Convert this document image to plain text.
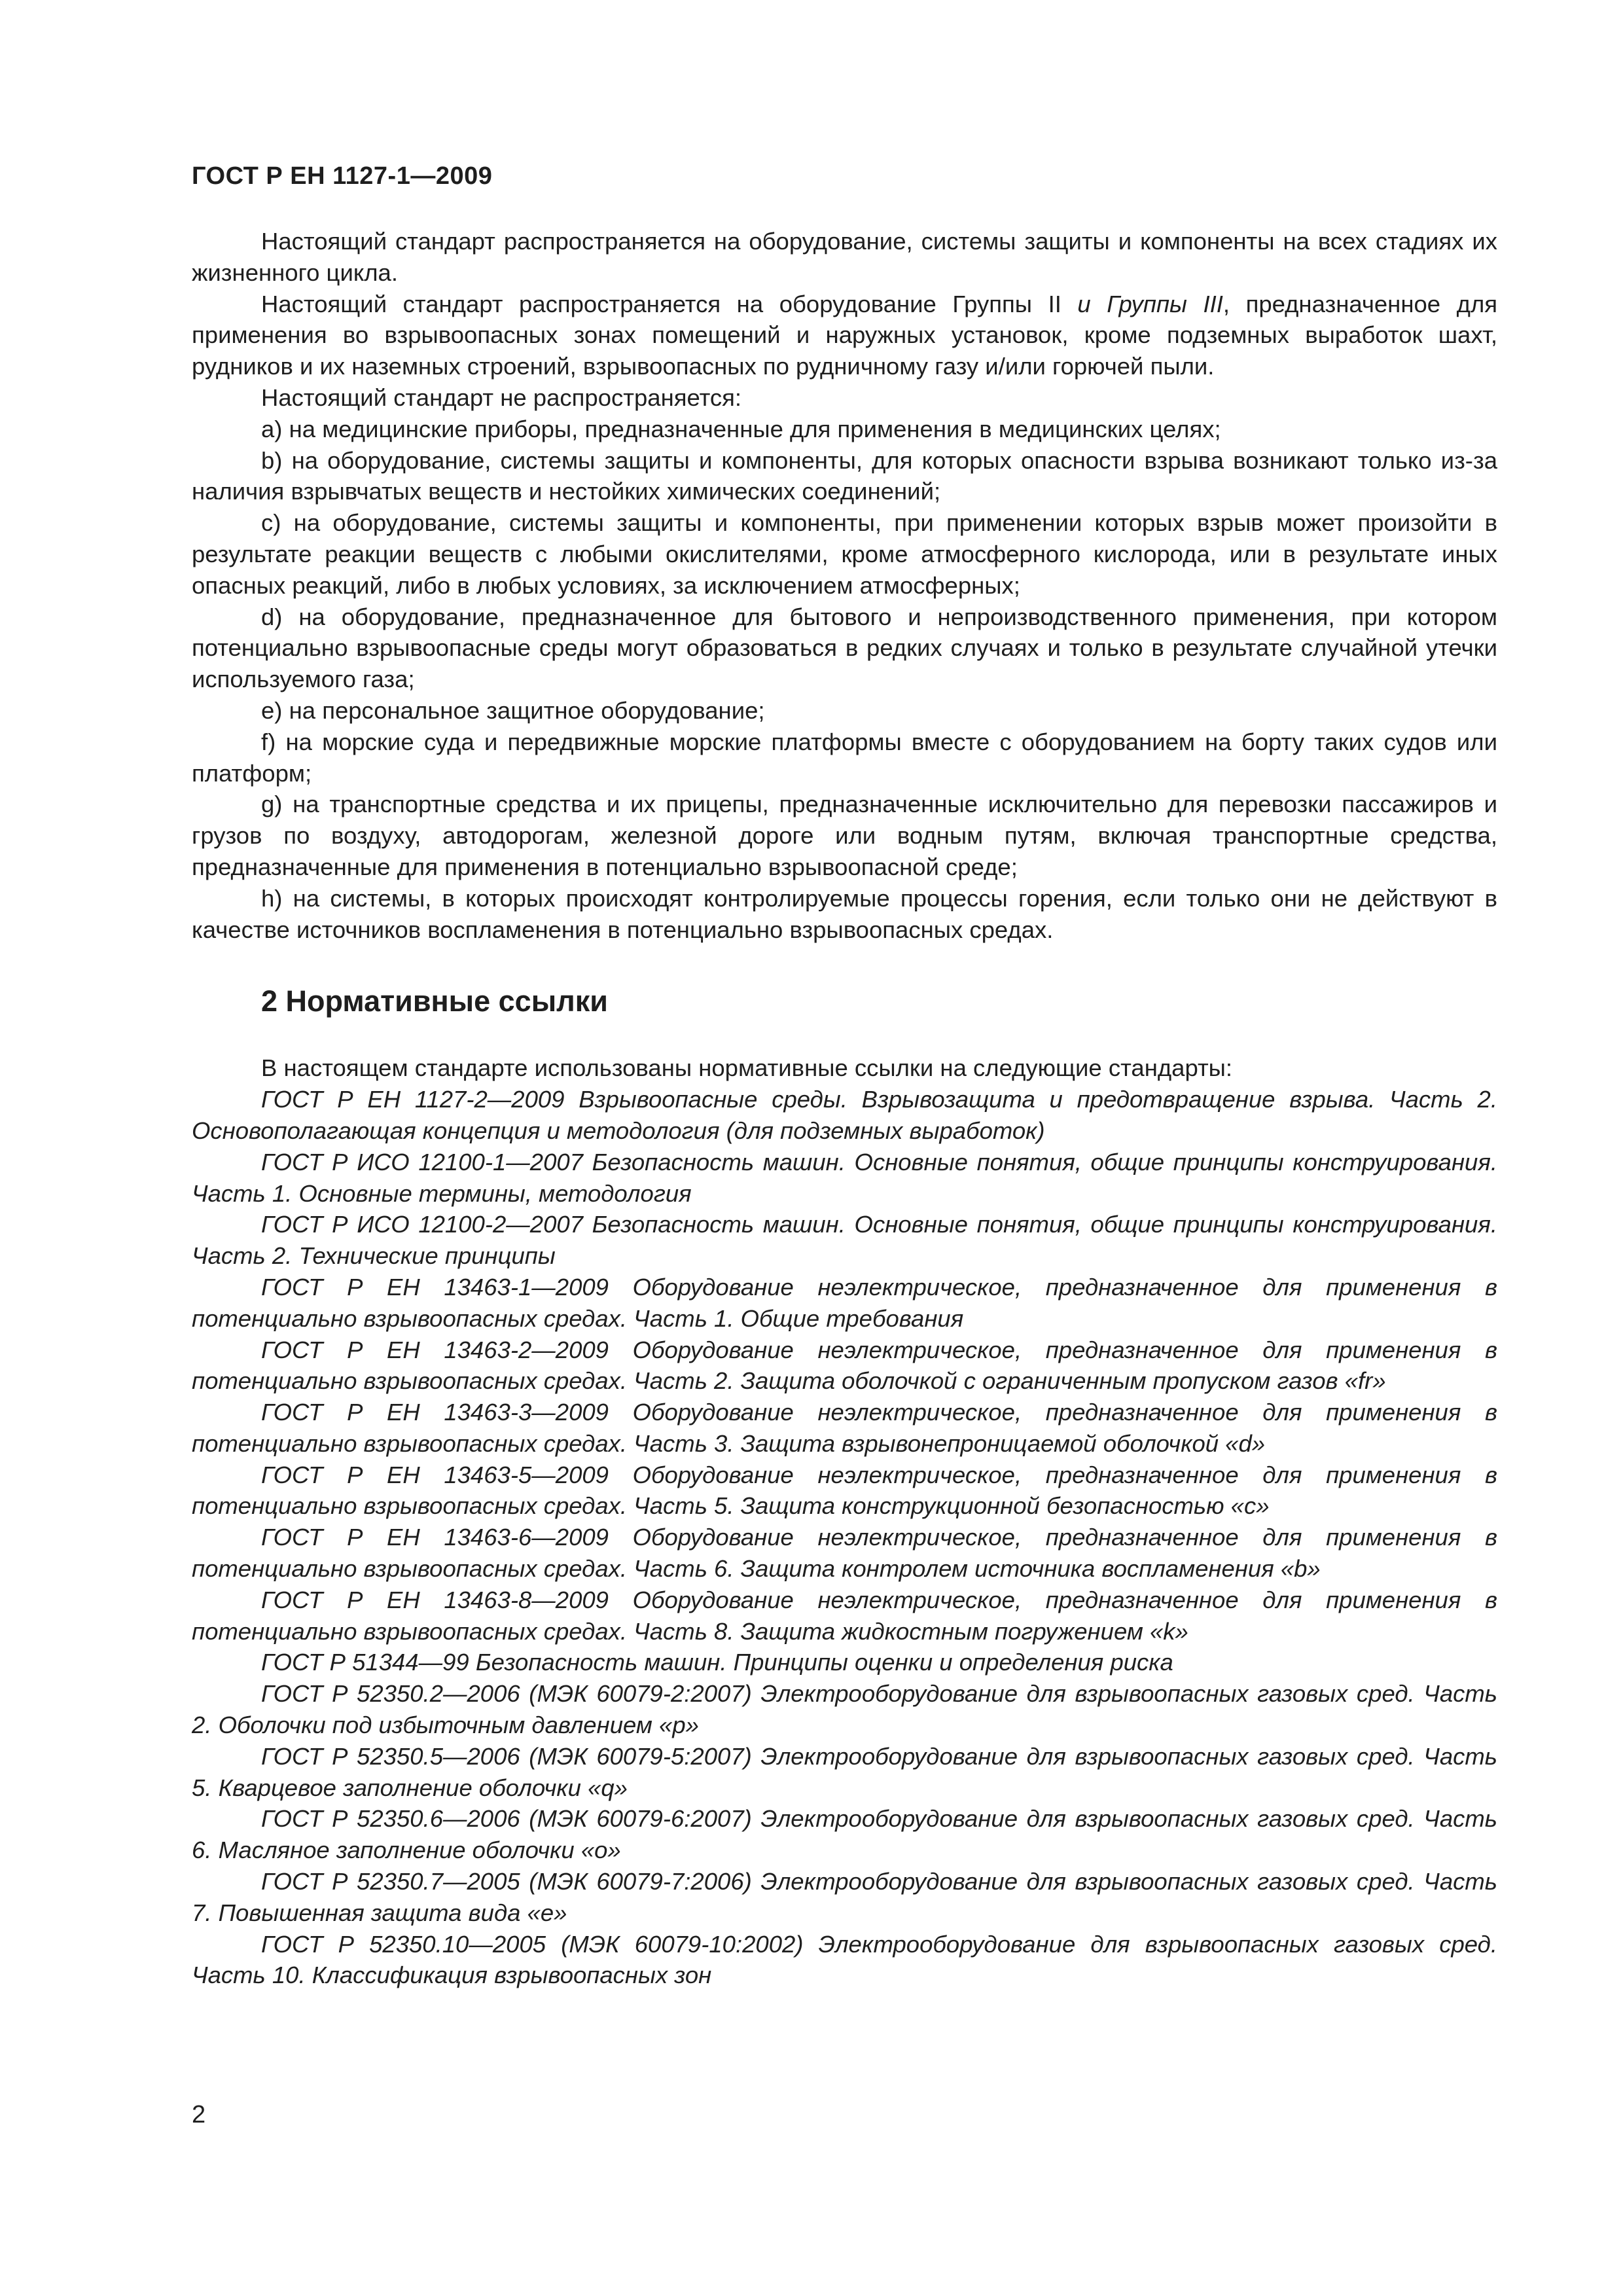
ГОСТ Р ЕН 1127-1—2009

Настоящий стандарт распространяется на оборудование, системы защиты и компоненты на всех стадиях их жизненного цикла.

Настоящий стандарт распространяется на оборудование Группы II и Группы III, предназначенное для применения во взрывоопасных зонах помещений и наружных установок, кроме подземных выработок шахт, рудников и их наземных строений, взрывоопасных по рудничному газу и/или горючей пыли.

Настоящий стандарт не распространяется:

a) на медицинские приборы, предназначенные для применения в медицинских целях;

b) на оборудование, системы защиты и компоненты, для которых опасности взрыва возникают только из-за наличия взрывчатых веществ и нестойких химических соединений;

c) на оборудование, системы защиты и компоненты, при применении которых взрыв может произойти в результате реакции веществ с любыми окислителями, кроме атмосферного кислорода, или в результате иных опасных реакций, либо в любых условиях, за исключением атмосферных;

d) на оборудование, предназначенное для бытового и непроизводственного применения, при котором потенциально взрывоопасные среды могут образоваться в редких случаях и только в результате случайной утечки используемого газа;

e) на персональное защитное оборудование;

f) на морские суда и передвижные морские платформы вместе с оборудованием на борту таких судов или платформ;

g) на транспортные средства и их прицепы, предназначенные исключительно для перевозки пассажиров и грузов по воздуху, автодорогам, железной дороге или водным путям, включая транспортные средства, предназначенные для применения в потенциально взрывоопасной среде;

h) на системы, в которых происходят контролируемые процессы горения, если только они не действуют в качестве источников воспламенения в потенциально взрывоопасных средах.

2 Нормативные ссылки

В настоящем стандарте использованы нормативные ссылки на следующие стандарты:

ГОСТ Р ЕН 1127-2—2009 Взрывоопасные среды. Взрывозащита и предотвращение взрыва. Часть 2. Основополагающая концепция и методология (для подземных выработок)

ГОСТ Р ИСО 12100-1—2007 Безопасность машин. Основные понятия, общие принципы конструирования. Часть 1. Основные термины, методология

ГОСТ Р ИСО 12100-2—2007 Безопасность машин. Основные понятия, общие принципы конструирования. Часть 2. Технические принципы

ГОСТ Р ЕН 13463-1—2009 Оборудование неэлектрическое, предназначенное для применения в потенциально взрывоопасных средах. Часть 1. Общие требования

ГОСТ Р ЕН 13463-2—2009 Оборудование неэлектрическое, предназначенное для применения в потенциально взрывоопасных средах. Часть 2. Защита оболочкой с ограниченным пропуском газов «fr»

ГОСТ Р ЕН 13463-3—2009 Оборудование неэлектрическое, предназначенное для применения в потенциально взрывоопасных средах. Часть 3. Защита взрывонепроницаемой оболочкой «d»

ГОСТ Р ЕН 13463-5—2009 Оборудование неэлектрическое, предназначенное для применения в потенциально взрывоопасных средах. Часть 5. Защита конструкционной безопасностью «c»

ГОСТ Р ЕН 13463-6—2009 Оборудование неэлектрическое, предназначенное для применения в потенциально взрывоопасных средах. Часть 6. Защита контролем источника воспламенения «b»

ГОСТ Р ЕН 13463-8—2009 Оборудование неэлектрическое, предназначенное для применения в потенциально взрывоопасных средах. Часть 8. Защита жидкостным погружением «k»

ГОСТ Р 51344—99 Безопасность машин. Принципы оценки и определения риска

ГОСТ Р 52350.2—2006 (МЭК 60079-2:2007) Электрооборудование для взрывоопасных газовых сред. Часть 2. Оболочки под избыточным давлением «p»

ГОСТ Р 52350.5—2006 (МЭК 60079-5:2007) Электрооборудование для взрывоопасных газовых сред. Часть 5. Кварцевое заполнение оболочки «q»

ГОСТ Р 52350.6—2006 (МЭК 60079-6:2007) Электрооборудование для взрывоопасных газовых сред. Часть 6. Масляное заполнение оболочки «o»

ГОСТ Р 52350.7—2005 (МЭК 60079-7:2006) Электрооборудование для взрывоопасных газовых сред. Часть 7. Повышенная защита вида «e»

ГОСТ Р 52350.10—2005 (МЭК 60079-10:2002) Электрооборудование для взрывоопасных газовых сред. Часть 10. Классификация взрывоопасных зон

2
